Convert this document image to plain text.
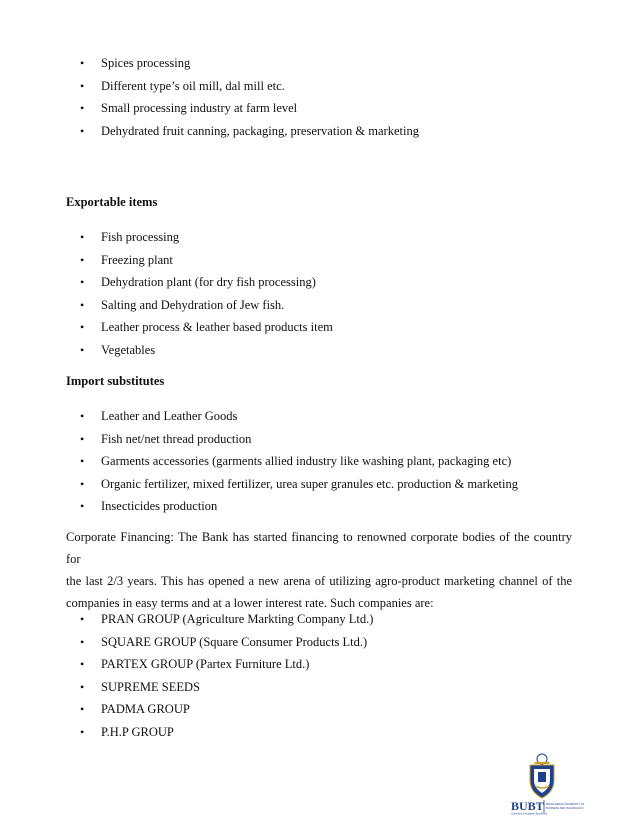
• Spices processing
• Different type’s oil mill, dal mill etc.
• Small processing industry at farm level
• Dehydrated fruit canning, packaging, preservation & marketing
Exportable items
• Fish processing
• Freezing plant
• Dehydration plant (for dry fish processing)
• Salting and Dehydration of Jew fish.
• Leather process & leather based products item
• Vegetables
Import substitutes
• Leather and Leather Goods
• Fish net/net thread production
• Garments accessories (garments allied industry like washing plant, packaging etc)
• Organic fertilizer, mixed fertilizer, urea super granules etc. production & marketing
• Insecticides production
Corporate Financing: The Bank has started financing to renowned corporate bodies of the country for
the last 2/3 years. This has opened a new arena of utilizing agro-product marketing channel of the
companies in easy terms and at a lower interest rate. Such companies are:
• PRAN GROUP (Agriculture Markting Company Ltd.)
• SQUARE GROUP (Square Consumer Products Ltd.)
• PARTEX GROUP (Partex Furniture Ltd.)
• SUPREME SEEDS
• PADMA GROUP
• P.H.P GROUP
BUBT BANGLADESH UNIVERSITY OF
BUSINESS AND TECHNOLOGY
Committed to Academic Excellence
